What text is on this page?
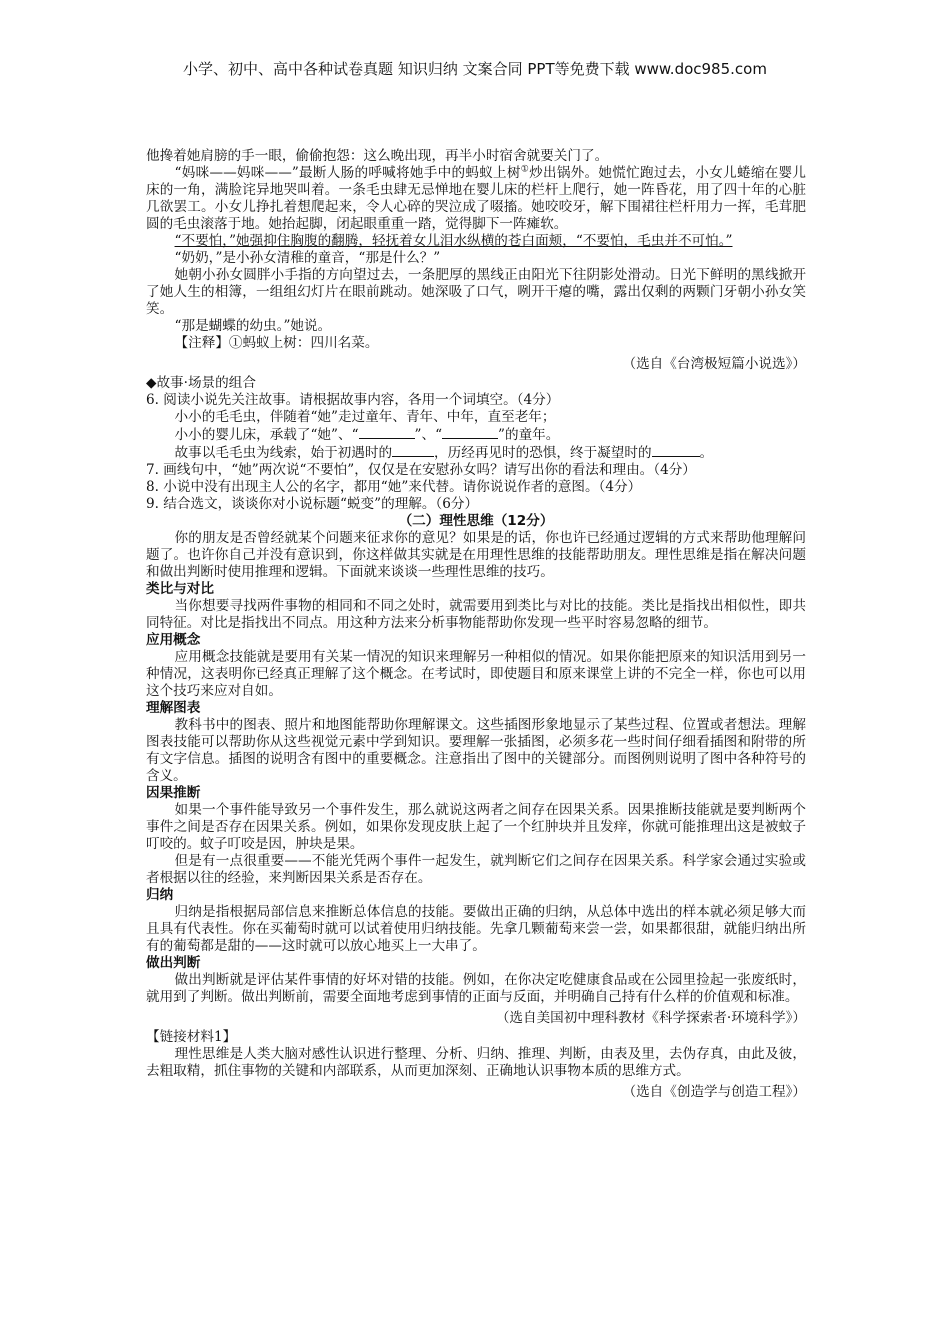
小学、初中、高中各种试卷真题 知识归纳 文案合同 PPT等免费下载 www.doc985.com

他搀着她肩膀的手一眼，偷偷抱怨：这么晚出现，再半小时宿舍就要关门了。

“妈咪——妈咪——”最断人肠的呼喊将她手中的蚂蚁上树①炒出锅外。她慌忙跑过去，小女儿蜷缩在婴儿床的一角，满脸诧异地哭叫着。一条毛虫肆无忌惮地在婴儿床的栏杆上爬行，她一阵昏花，用了四十年的心脏几欲罢工。小女儿挣扎着想爬起来，令人心碎的哭泣成了啜搐。她咬咬牙，解下围裙往栏杆用力一挥，毛茸肥圆的毛虫滚落于地。她抬起脚，闭起眼重重一踏，觉得脚下一阵瘫软。

“不要怕，”她强抑住胸腹的翻腾，轻抚着女儿泪水纵横的苍白面颊，“不要怕，毛虫并不可怕。”

“奶奶，”是小孙女清稚的童音，“那是什么？”

她朝小孙女圆胖小手指的方向望过去，一条肥厚的黑线正由阳光下往阴影处滑动。日光下鲜明的黑线掀开了她人生的相簿，一组组幻灯片在眼前跳动。她深吸了口气，咧开干瘪的嘴，露出仅剩的两颗门牙朝小孙女笑笑。

“那是蝴蝶的幼虫。”她说。

【注释】①蚂蚁上树：四川名菜。

（选自《台湾极短篇小说选》）

◆故事·场景的组合

6. 阅读小说先关注故事。请根据故事内容，各用一个词填空。（4分）

小小的毛毛虫，伴随着“她”走过童年、青年、中年，直至老年；

小小的婴儿床，承载了“她”、“	”、“	”的童年。

故事以毛毛虫为线索，始于初遇时的	，历经再见时的恐惧，终于凝望时的	。

7. 画线句中，“她”两次说“不要怕”，仅仅是在安慰孙女吗？请写出你的看法和理由。（4分）

8. 小说中没有出现主人公的名字，都用“她”来代替。请你说说作者的意图。（4分）

9. 结合选文，谈谈你对小说标题“蜕变”的理解。（6分）

（二）理性思维（12分）

你的朋友是否曾经就某个问题来征求你的意见？如果是的话，你也许已经通过逻辑的方式来帮助他理解问题了。也许你自己并没有意识到，你这样做其实就是在用理性思维的技能帮助朋友。理性思维是指在解决问题和做出判断时使用推理和逻辑。下面就来谈谈一些理性思维的技巧。

类比与对比

当你想要寻找两件事物的相同和不同之处时，就需要用到类比与对比的技能。类比是指找出相似性，即共同特征。对比是指找出不同点。用这种方法来分析事物能帮助你发现一些平时容易忽略的细节。

应用概念

应用概念技能就是要用有关某一情况的知识来理解另一种相似的情况。如果你能把原来的知识活用到另一种情况，这表明你已经真正理解了这个概念。在考试时，即使题目和原来课堂上讲的不完全一样，你也可以用这个技巧来应对自如。

理解图表

教科书中的图表、照片和地图能帮助你理解课文。这些插图形象地显示了某些过程、位置或者想法。理解图表技能可以帮助你从这些视觉元素中学到知识。要理解一张插图，必须多花一些时间仔细看插图和附带的所有文字信息。插图的说明含有图中的重要概念。注意指出了图中的关键部分。而图例则说明了图中各种符号的含义。

因果推断

如果一个事件能导致另一个事件发生，那么就说这两者之间存在因果关系。因果推断技能就是要判断两个事件之间是否存在因果关系。例如，如果你发现皮肤上起了一个红肿块并且发痒，你就可能推理出这是被蚊子叮咬的。蚊子叮咬是因，肿块是果。

但是有一点很重要——不能光凭两个事件一起发生，就判断它们之间存在因果关系。科学家会通过实验或者根据以往的经验，来判断因果关系是否存在。

归纳

归纳是指根据局部信息来推断总体信息的技能。要做出正确的归纳，从总体中选出的样本就必须足够大而且具有代表性。你在买葡萄时就可以试着使用归纳技能。先拿几颗葡萄来尝一尝，如果都很甜，就能归纳出所有的葡萄都是甜的——这时就可以放心地买上一大串了。

做出判断

做出判断就是评估某件事情的好坏对错的技能。例如，在你决定吃健康食品或在公园里捡起一张废纸时，就用到了判断。做出判断前，需要全面地考虑到事情的正面与反面，并明确自己持有什么样的价值观和标准。

（选自美国初中理科教材《科学探索者·环境科学》）

【链接材料1】

理性思维是人类大脑对感性认识进行整理、分析、归纳、推理、判断，由表及里，去伪存真，由此及彼，去粗取精，抓住事物的关键和内部联系，从而更加深刻、正确地认识事物本质的思维方式。

（选自《创造学与创造工程》）
